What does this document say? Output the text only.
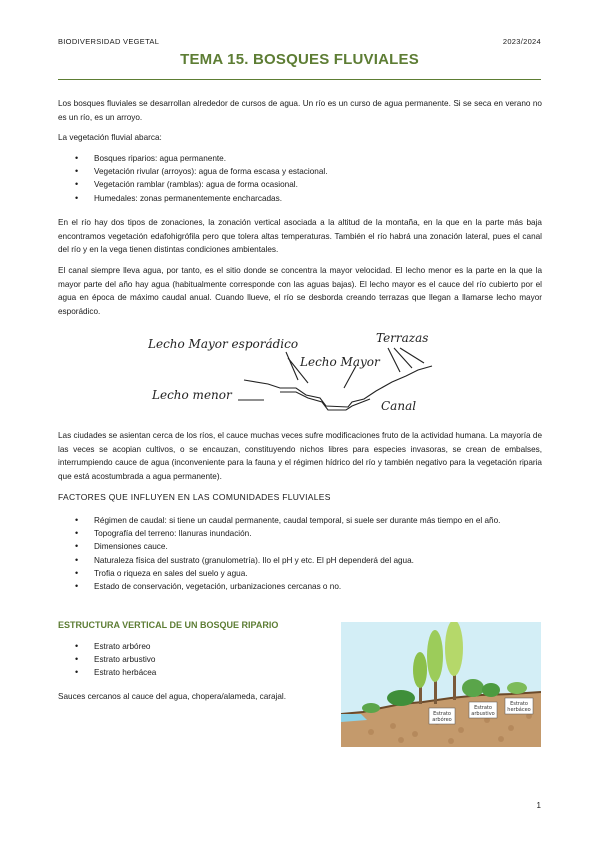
BIODIVERSIDAD VEGETAL	2023/2024
TEMA 15. BOSQUES FLUVIALES

Los bosques fluviales se desarrollan alrededor de cursos de agua. Un río es un curso de agua permanente. Si se seca en verano no es un río, es un arroyo.

La vegetación fluvial abarca:

• Bosques riparios: agua permanente.
• Vegetación rivular (arroyos): agua de forma escasa y estacional.
• Vegetación ramblar (ramblas): agua de forma ocasional.
• Humedales: zonas permanentemente encharcadas.

En el río hay dos tipos de zonaciones, la zonación vertical asociada a la altitud de la montaña, en la que en la parte más baja encontramos vegetación edafohigrófila pero que tolera altas temperaturas. También el río habrá una zonación lateral, pues el canal del río y en la vega tienen distintas condiciones ambientales.

El canal siempre lleva agua, por tanto, es el sitio donde se concentra la mayor velocidad. El lecho menor es la parte en la que la mayor parte del año hay agua (habitualmente corresponde con las aguas bajas). El lecho mayor es el cauce del río cubierto por el agua en época de máximo caudal anual. Cuando llueve, el río se desborda creando terrazas que llegan a llamarse lecho mayor esporádico.

Lecho Mayor esporádico	Terrazas
Lecho Mayor
Lecho menor
Canal

Las ciudades se asientan cerca de los ríos, el cauce muchas veces sufre modificaciones fruto de la actividad humana. La mayoría de las veces se acopian cultivos, o se encauzan, constituyendo nichos libres para especies invasoras, se crean de embalses, interrumpiendo cauce de agua (inconveniente para la fauna y el régimen hídrico del río y también negativo para la vegetación riparia que está acostumbrada a agua permanente).

FACTORES QUE INFLUYEN EN LAS COMUNIDADES FLUVIALES

• Régimen de caudal: si tiene un caudal permanente, caudal temporal, si suele ser durante más tiempo en el año.
• Topografía del terreno: llanuras inundación.
• Dimensiones cauce.
• Naturaleza física del sustrato (granulometría). Ilo el pH y etc. El pH dependerá del agua.
• Trofia o riqueza en sales del suelo y agua.
• Estado de conservación, vegetación, urbanizaciones cercanas o no.

ESTRUCTURA VERTICAL DE UN BOSQUE RIPARIO

• Estrato arbóreo
• Estrato arbustivo
• Estrato herbácea

Sauces cercanos al cauce del agua, chopera/alameda, carajal.

Estrato
arbóreo
Estrato
arbustivo
Estrato
herbáceo
1
